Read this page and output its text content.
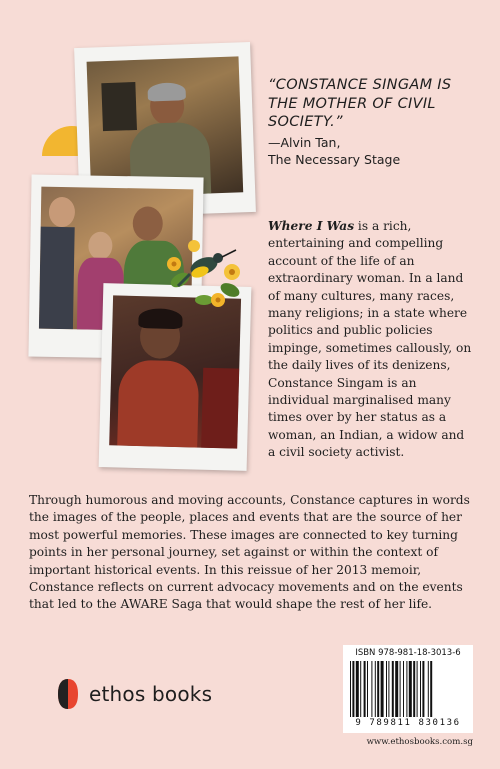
“CONSTANCE SINGAM IS THE MOTHER OF CIVIL SOCIETY.”

—Alvin Tan,
The Necessary Stage

Where I Was is a rich, entertaining and compelling account of the life of an extraordinary woman. In a land of many cultures, many races, many religions; in a state where politics and public policies impinge, sometimes callously, on the daily lives of its denizens, Constance Singam is an individual marginalised many times over by her status as a woman, an Indian, a widow and a civil society activist.

Through humorous and moving accounts, Constance captures in words the images of the people, places and events that are the source of her most powerful memories. These images are connected to key turning points in her personal journey, set against or within the context of important historical events. In this reissue of her 2013 memoir, Constance reflects on current advocacy movements and on the events that led to the AWARE Saga that would shape the rest of her life.

ethos books
ISBN 978-981-18-3013-6
9 789811 830136
www.ethosbooks.com.sg
